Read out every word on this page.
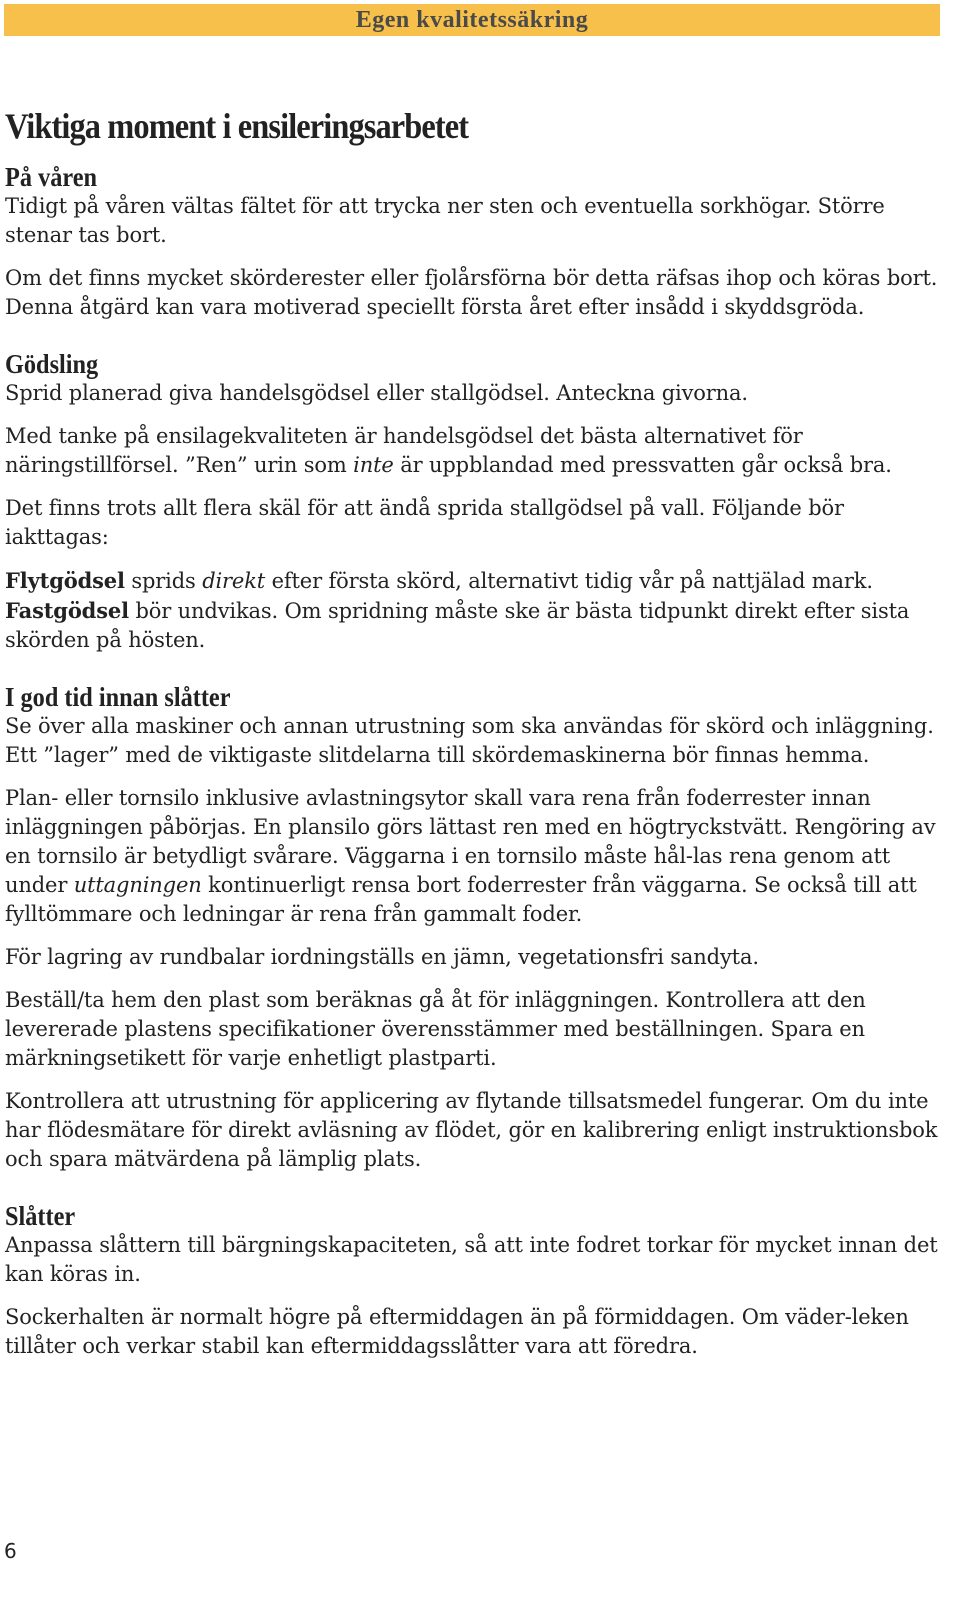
Egen kvalitetssäkring
Viktiga moment i ensileringsarbetet
På våren

Tidigt på våren vältas fältet för att trycka ner sten och eventuella sorkhögar. Större stenar tas bort.

Om det finns mycket skörderester eller fjolårsförna bör detta räfsas ihop och köras bort. Denna åtgärd kan vara motiverad speciellt första året efter insådd i skyddsgröda.

Gödsling

Sprid planerad giva handelsgödsel eller stallgödsel. Anteckna givorna.

Med tanke på ensilagekvaliteten är handelsgödsel det bästa alternativet för näringstillförsel. ”Ren” urin som inte är uppblandad med pressvatten går också bra.

Det finns trots allt flera skäl för att ändå sprida stallgödsel på vall. Följande bör iakttagas:

Flytgödsel sprids direkt efter första skörd, alternativt tidig vår på nattjälad mark.

Fastgödsel bör undvikas. Om spridning måste ske är bästa tidpunkt direkt efter sista skörden på hösten.

I god tid innan slåtter

Se över alla maskiner och annan utrustning som ska användas för skörd och inläggning. Ett ”lager” med de viktigaste slitdelarna till skördemaskinerna bör finnas hemma.

Plan- eller tornsilo inklusive avlastningsytor skall vara rena från foderrester innan inläggningen påbörjas. En plansilo görs lättast ren med en högtryckstvätt. Rengöring av en tornsilo är betydligt svårare. Väggarna i en tornsilo måste hål-las rena genom att under uttagningen kontinuerligt rensa bort foderrester från väggarna. Se också till att fylltömmare och ledningar är rena från gammalt foder.

För lagring av rundbalar iordningställs en jämn, vegetationsfri sandyta.

Beställ/ta hem den plast som beräknas gå åt för inläggningen. Kontrollera att den levererade plastens specifikationer överensstämmer med beställningen. Spara en märkningsetikett för varje enhetligt plastparti.

Kontrollera att utrustning för applicering av flytande tillsatsmedel fungerar. Om du inte har flödesmätare för direkt avläsning av flödet, gör en kalibrering enligt instruktionsbok och spara mätvärdena på lämplig plats.

Slåtter

Anpassa slåttern till bärgningskapaciteten, så att inte fodret torkar för mycket innan det kan köras in.

Sockerhalten är normalt högre på eftermiddagen än på förmiddagen. Om väder-leken tillåter och verkar stabil kan eftermiddagsslåtter vara att föredra.

6
